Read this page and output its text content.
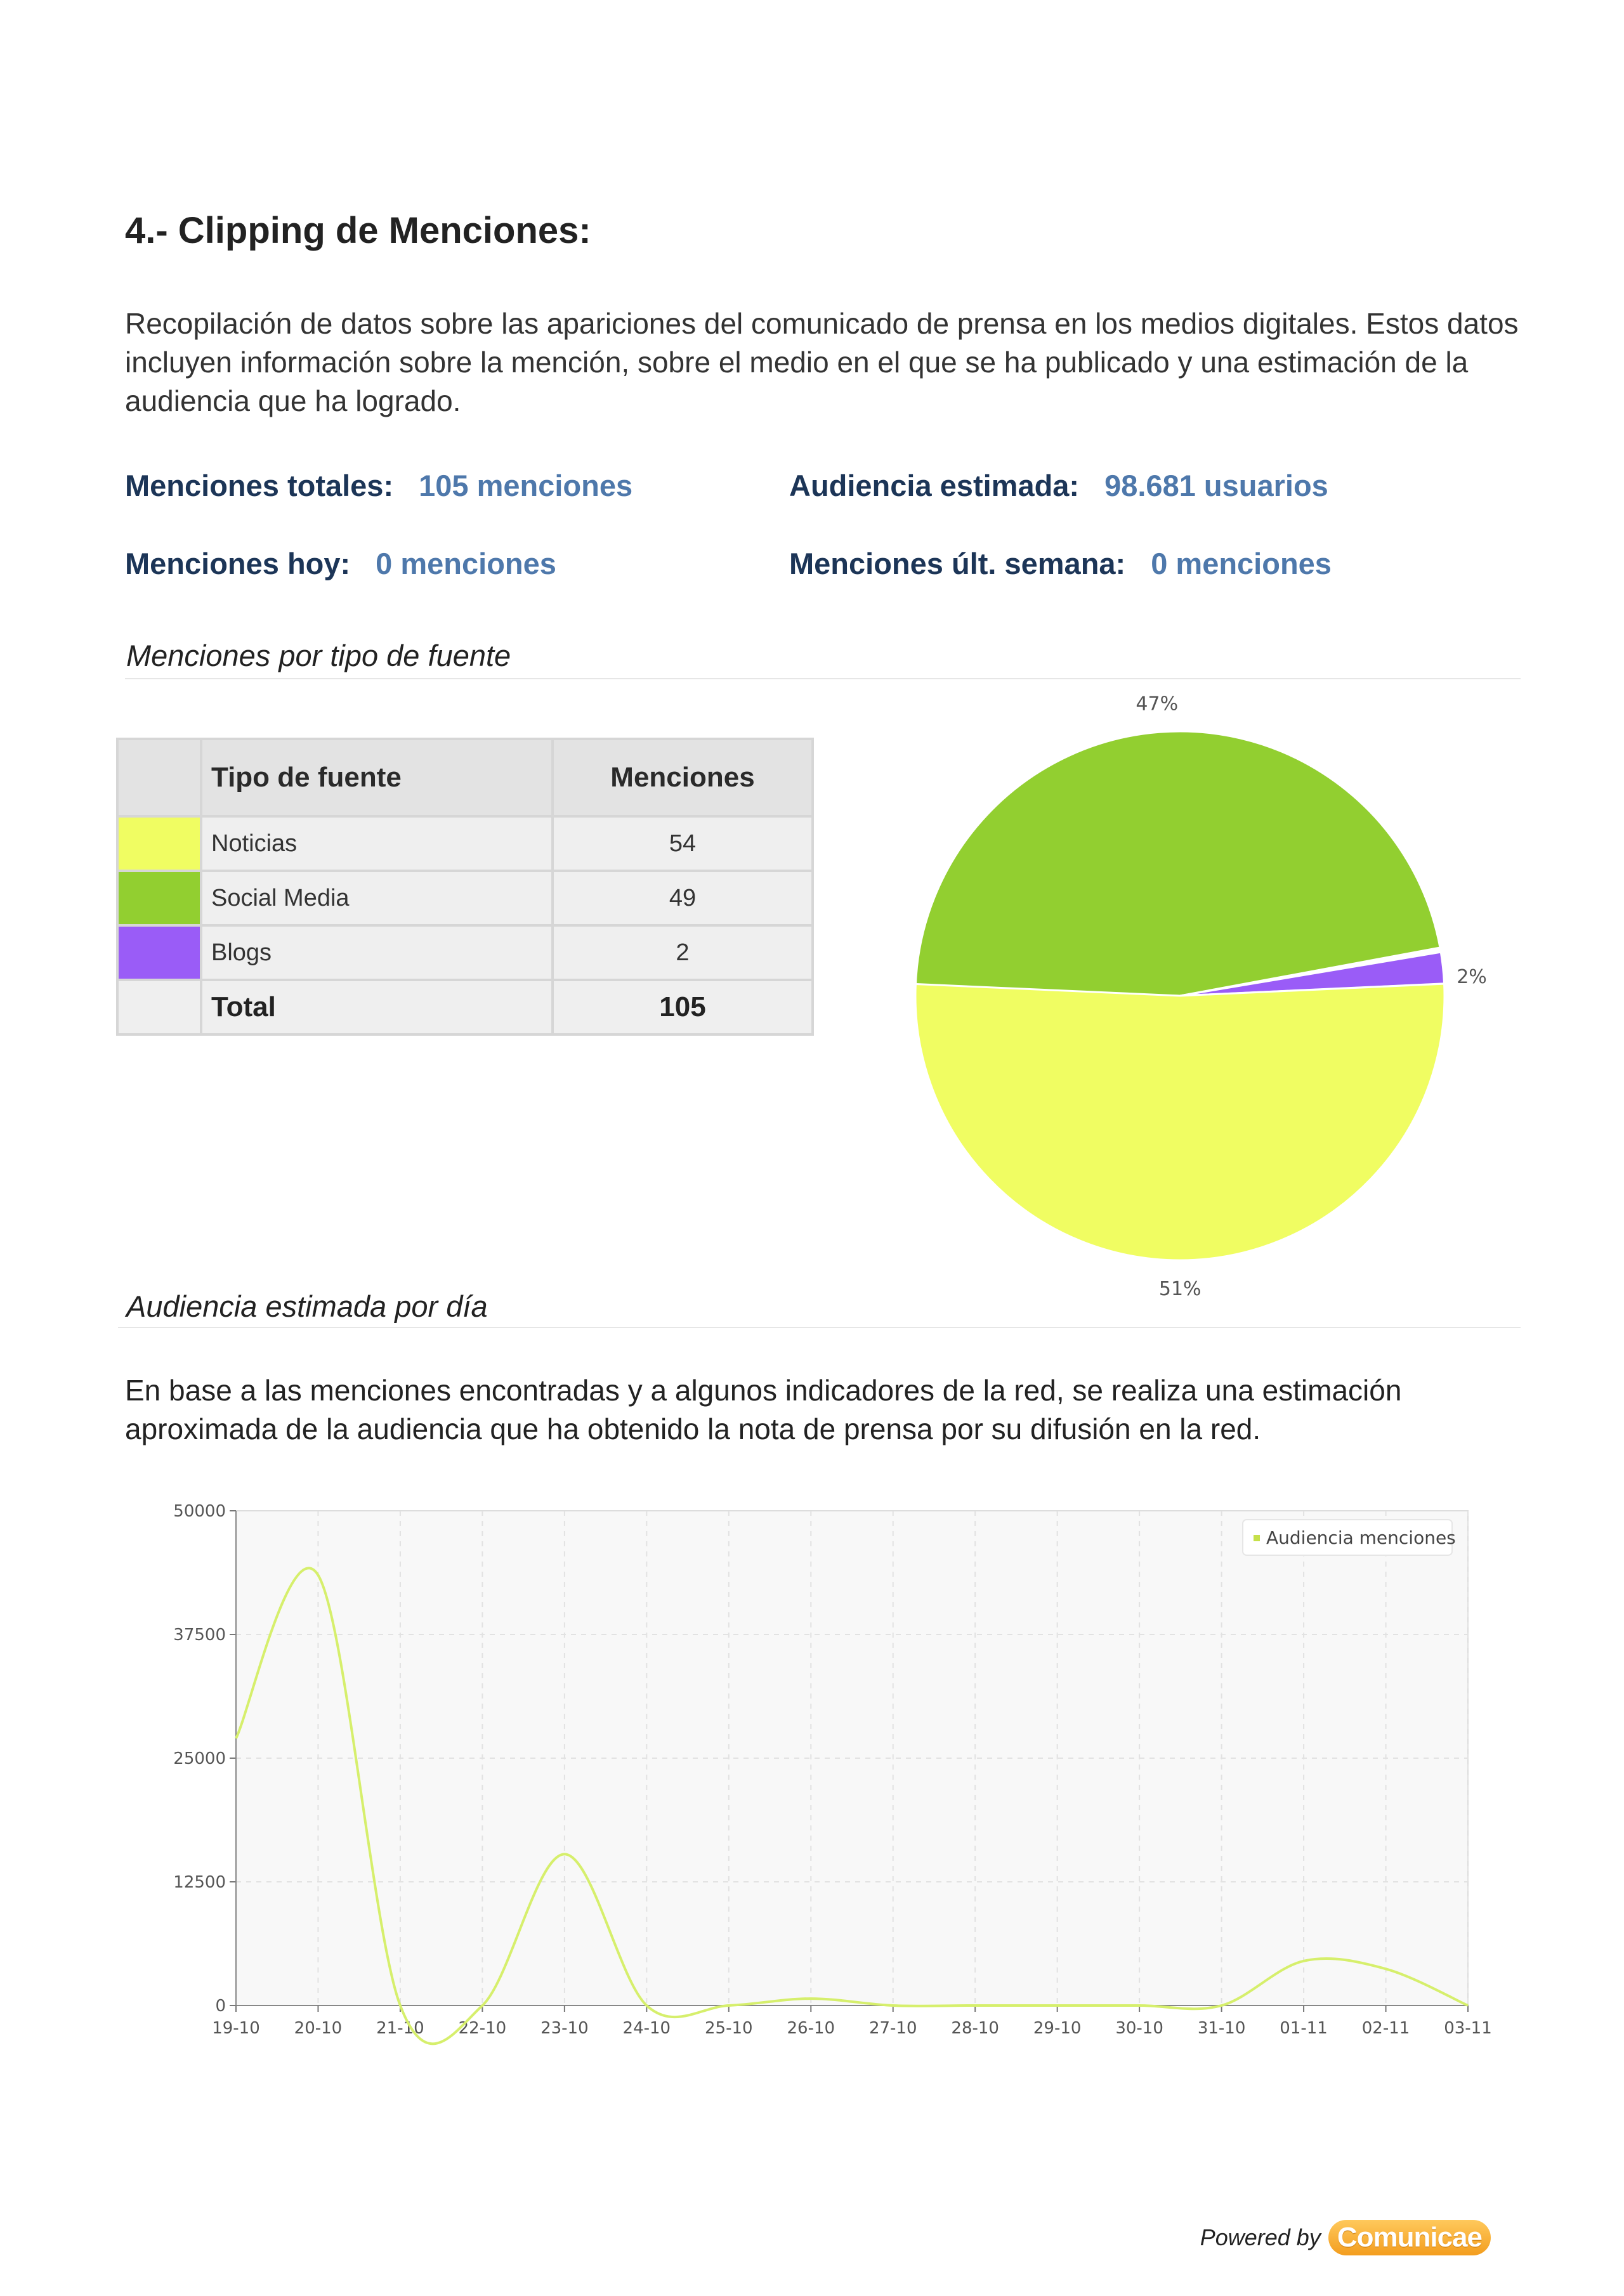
4.- Clipping de Menciones:

Recopilación de datos sobre las apariciones del comunicado de prensa en los medios digitales. Estos datos incluyen información sobre la mención, sobre el medio en el que se ha publicado y una estimación de la audiencia que ha logrado.

Menciones totales: 105 menciones	Audiencia estimada: 98.681 usuarios
Menciones hoy: 0 menciones	Menciones últ. semana: 0 menciones

Menciones por tipo de fuente

	Tipo de fuente	Menciones
	Noticias	54
	Social Media	49
	Blogs	2
	Total	105
47%
2%
51%

Audiencia estimada por día

En base a las menciones encontradas y a algunos indicadores de la red, se realiza una estimación aproximada de la audiencia que ha obtenido la nota de prensa por su difusión en la red.

0
12500
25000
37500
50000
19-10 20-10 21-10 22-10 23-10 24-10 25-10 26-10 27-10 28-10 29-10 30-10 31-10 01-11 02-11 03-11
Audiencia menciones
Powered by Comunicae
